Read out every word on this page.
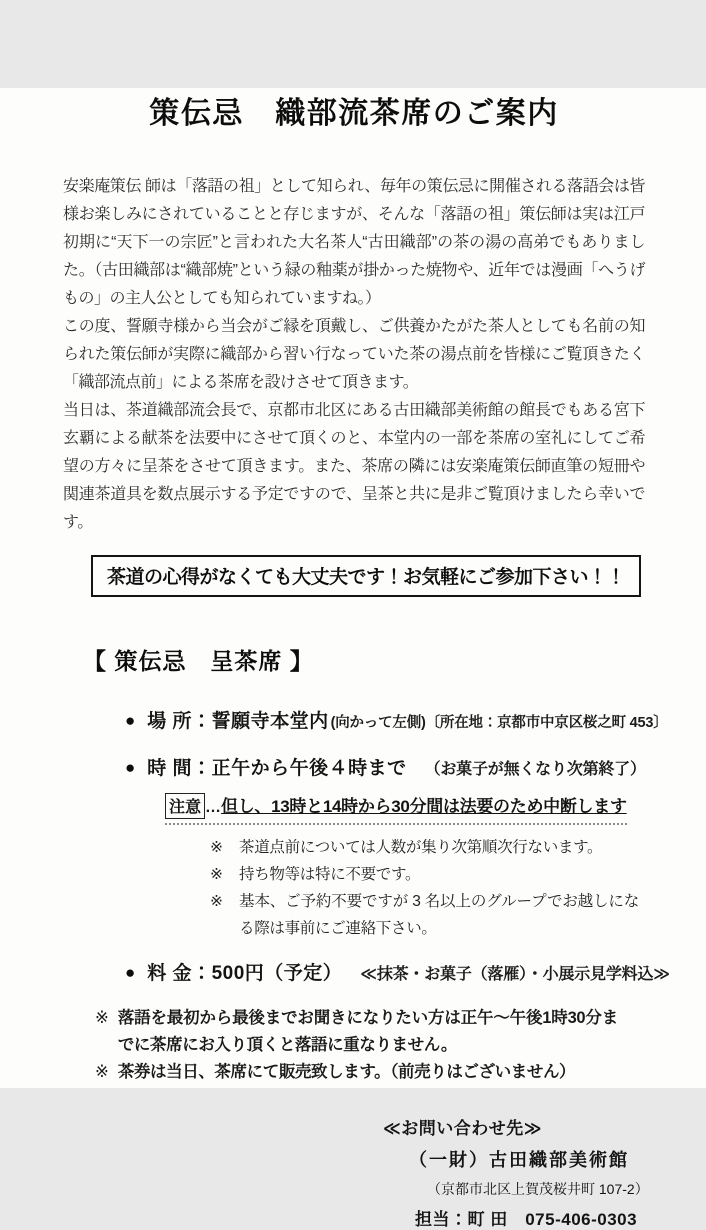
策伝忌　織部流茶席のご案内

安楽庵策伝 師は「落語の祖」として知られ、毎年の策伝忌に開催される落語会は皆様お楽しみにされていることと存じますが、そんな「落語の祖」策伝師は実は江戸初期に“天下一の宗匠”と言われた大名茶人“古田織部”の茶の湯の高弟でもありました。（古田織部は“織部焼”という緑の釉薬が掛かった焼物や、近年では漫画「へうげもの」の主人公としても知られていますね。）

この度、誓願寺様から当会がご縁を頂戴し、ご供養かたがた茶人としても名前の知られた策伝師が実際に織部から習い行なっていた茶の湯点前を皆様にご覧頂きたく「織部流点前」による茶席を設けさせて頂きます。

当日は、茶道織部流会長で、京都市北区にある古田織部美術館の館長でもある宮下玄覇による献茶を法要中にさせて頂くのと、本堂内の一部を茶席の室礼にしてご希望の方々に呈茶をさせて頂きます。また、茶席の隣には安楽庵策伝師直筆の短冊や関連茶道具を数点展示する予定ですので、呈茶と共に是非ご覧頂けましたら幸いです。

茶道の心得がなくても大丈夫です！お気軽にご参加下さい！！
【 策伝忌　呈茶席 】
● 場 所： 誓願寺本堂内 (向かって左側)〔所在地：京都市中京区桜之町 453〕
● 時 間： 正午から午後４時まで （お菓子が無くなり次第終了）
注意 …但し、13時と14時から30分間は法要のため中断します
※ 茶道点前については人数が集り次第順次行ないます。
※ 持ち物等は特に不要です。
※ 基本、ご予約不要ですが 3 名以上のグループでお越しになる際は事前にご連絡下さい。
● 料 金： 500円（予定） ≪抹茶・お菓子（落雁）・小展示見学料込≫
※ 落語を最初から最後までお聞きになりたい方は正午～午後1時30分までに茶席にお入り頂くと落語に重なりません。
※ 茶券は当日、茶席にて販売致します。（前売りはございません）
≪お問い合わせ先≫
（一財）古田織部美術館
（京都市北区上賀茂桜井町 107-2）
担当：町 田　075-406-0303
